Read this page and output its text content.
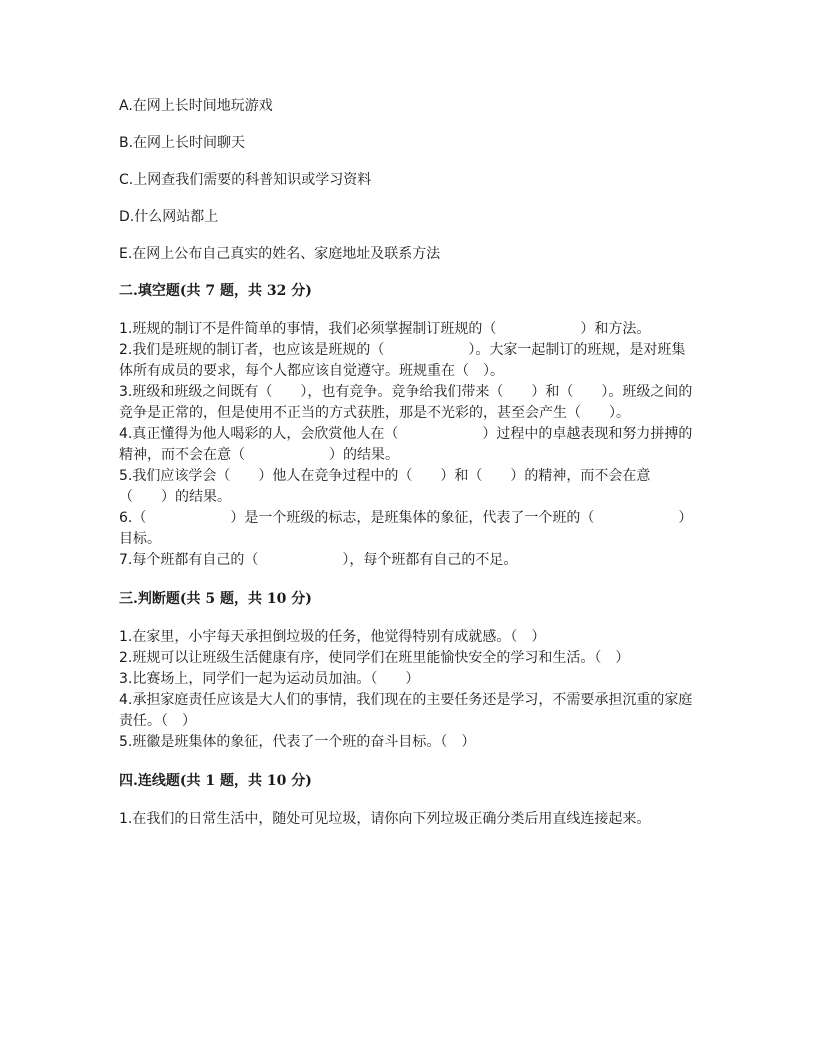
A.在网上长时间地玩游戏
B.在网上长时间聊天
C.上网查我们需要的科普知识或学习资料
D.什么网站都上
E.在网上公布自己真实的姓名、家庭地址及联系方法
二.填空题(共 7 题，共 32 分)

1.班规的制订不是件简单的事情，我们必须掌握制订班规的（　　　　　　）和方法。

2.我们是班规的制订者，也应该是班规的（　　　　　　）。大家一起制订的班规，是对班集体所有成员的要求，每个人都应该自觉遵守。班规重在（　）。

3.班级和班级之间既有（　　），也有竞争。竞争给我们带来（　　）和（　　）。班级之间的竞争是正常的，但是使用不正当的方式获胜，那是不光彩的，甚至会产生（　　）。

4.真正懂得为他人喝彩的人，会欣赏他人在（　　　　　　）过程中的卓越表现和努力拼搏的精神，而不会在意（　　　　　　）的结果。

5.我们应该学会（　　）他人在竞争过程中的（　　）和（　　）的精神，而不会在意（　　）的结果。

6.（　　　　　　）是一个班级的标志，是班集体的象征，代表了一个班的（　　　　　　）目标。

7.每个班都有自己的（　　　　　　），每个班都有自己的不足。

三.判断题(共 5 题，共 10 分)

1.在家里，小宇每天承担倒垃圾的任务，他觉得特别有成就感。（　）

2.班规可以让班级生活健康有序，使同学们在班里能愉快安全的学习和生活。（　）

3.比赛场上，同学们一起为运动员加油。（　　）

4.承担家庭责任应该是大人们的事情，我们现在的主要任务还是学习，不需要承担沉重的家庭责任。（　）

5.班徽是班集体的象征，代表了一个班的奋斗目标。（　）

四.连线题(共 1 题，共 10 分)

1.在我们的日常生活中，随处可见垃圾，请你向下列垃圾正确分类后用直线连接起来。
